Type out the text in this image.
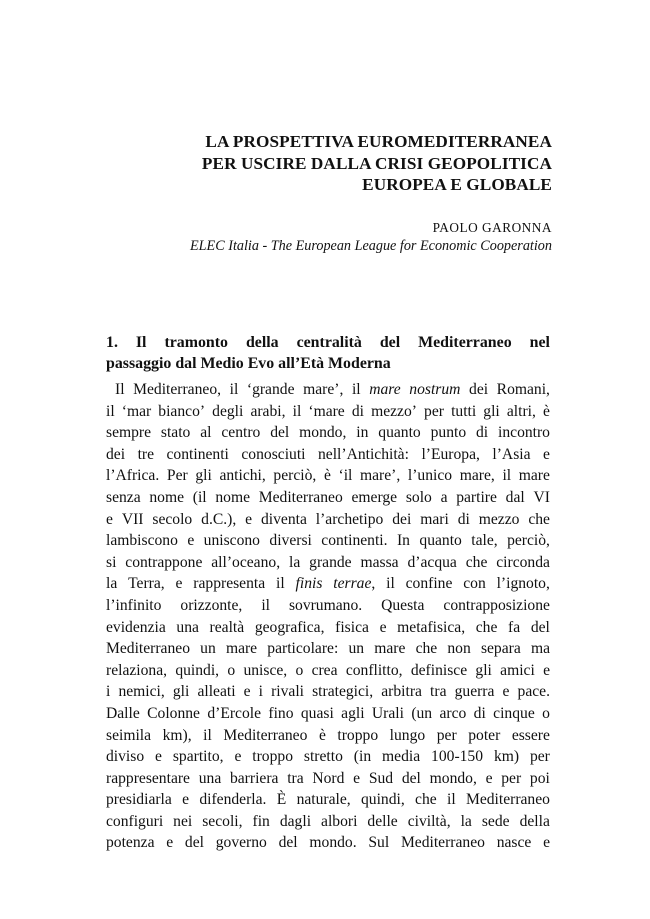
LA PROSPETTIVA EUROMEDITERRANEA
PER USCIRE DALLA CRISI GEOPOLITICA
EUROPEA E GLOBALE
PAOLO GARONNA
ELEC Italia - The European League for Economic Cooperation
1. Il tramonto della centralità del Mediterraneo nel
passaggio dal Medio Evo all’Età Moderna
Il Mediterraneo, il ‘grande mare’, il mare nostrum dei Romani,
il ‘mar bianco’ degli arabi, il ‘mare di mezzo’ per tutti gli altri, è
sempre stato al centro del mondo, in quanto punto di incontro
dei tre continenti conosciuti nell’Antichità: l’Europa, l’Asia e
l’Africa. Per gli antichi, perciò, è ‘il mare’, l’unico mare, il mare
senza nome (il nome Mediterraneo emerge solo a partire dal VI
e VII secolo d.C.), e diventa l’archetipo dei mari di mezzo che
lambiscono e uniscono diversi continenti. In quanto tale, perciò,
si contrappone all’oceano, la grande massa d’acqua che circonda
la Terra, e rappresenta il finis terrae, il confine con l’ignoto,
l’infinito orizzonte, il sovrumano. Questa contrapposizione
evidenzia una realtà geografica, fisica e metafisica, che fa del
Mediterraneo un mare particolare: un mare che non separa ma
relaziona, quindi, o unisce, o crea conflitto, definisce gli amici e
i nemici, gli alleati e i rivali strategici, arbitra tra guerra e pace.
Dalle Colonne d’Ercole fino quasi agli Urali (un arco di cinque o
seimila km), il Mediterraneo è troppo lungo per poter essere
diviso e spartito, e troppo stretto (in media 100-150 km) per
rappresentare una barriera tra Nord e Sud del mondo, e per poi
presidiarla e difenderla. È naturale, quindi, che il Mediterraneo
configuri nei secoli, fin dagli albori delle civiltà, la sede della
potenza e del governo del mondo. Sul Mediterraneo nasce e
